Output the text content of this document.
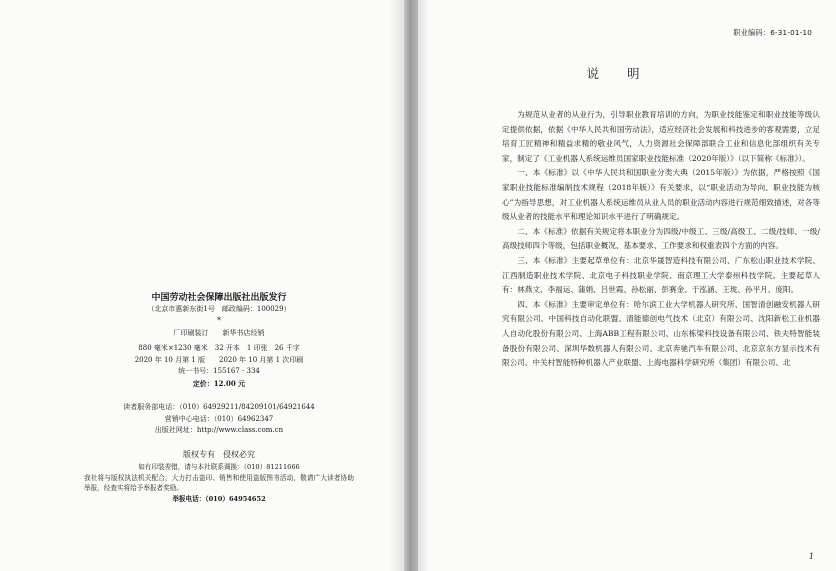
中国劳动社会保障出版社出版发行
（北京市惠新东街1号　邮政编码：100029）
*
厂印刷装订　　新华书店经销
880 毫米×1230 毫米　32 开本　1 印张　26 千字
2020 年 10 月第 1 版　　2020 年 10 月第 1 次印刷
统一书号：155167 · 334
定价：12.00 元
读者服务部电话：（010）64929211/84209101/64921644
营销中心电话：（010）64962347
出版社网址：http://www.class.com.cn
版权专有　侵权必究
如有印装差错，请与本社联系调换：（010）81211666
我社将与版权执法机关配合，大力打击盗印、销售和使用盗版图书活动，敬请广大读者协助举报，经查实将给予举报者奖励。
举报电话：（010）64954652
职业编码：6-31-01-10
说明

为规范从业者的从业行为，引导职业教育培训的方向，为职业技能鉴定和职业技能等级认定提供依据，依据《中华人民共和国劳动法》，适应经济社会发展和科技进步的客观需要，立足培育工匠精神和精益求精的敬业风气，人力资源社会保障部联合工业和信息化部组织有关专家，制定了《工业机器人系统运维员国家职业技能标准（2020年版）》（以下简称《标准》）。

一、本《标准》以《中华人民共和国职业分类大典（2015年版）》为依据，严格按照《国家职业技能标准编制技术规程（2018年版）》有关要求，以“职业活动为导向、职业技能为核心”为指导思想，对工业机器人系统运维员从业人员的职业活动内容进行规范细致描述，对各等级从业者的技能水平和理论知识水平进行了明确规定。

二、本《标准》依据有关规定将本职业分为四级/中级工、三级/高级工、二级/技师、一级/高级技师四个等级，包括职业概况、基本要求、工作要求和权重表四个方面的内容。

三、本《标准》主要起草单位有：北京华晟智造科技有限公司、广东松山职业技术学院、江西制造职业技术学院、北京电子科技职业学院、南京理工大学泰州科技学院。主要起草人有：林燕文、李福运、蒲娟、吕世霞、孙松丽、彭赛金、于泓涵、王珑、孙平月、庞阳。

四、本《标准》主要审定单位有：哈尔滨工业大学机器人研究所、国智清创融安机器人研究有限公司、中国科技自动化联盟、清能德创电气技术（北京）有限公司、沈阳新松工业机器人自动化股份有限公司、上海ABB工程有限公司、山东栋梁科技设备有限公司、铁夫特智能装备股份有限公司、深圳华数机器人有限公司、北京奔驰汽车有限公司、北京京东方显示技术有限公司、中关村智能特种机器人产业联盟、上海电器科学研究所（集团）有限公司、北

1
